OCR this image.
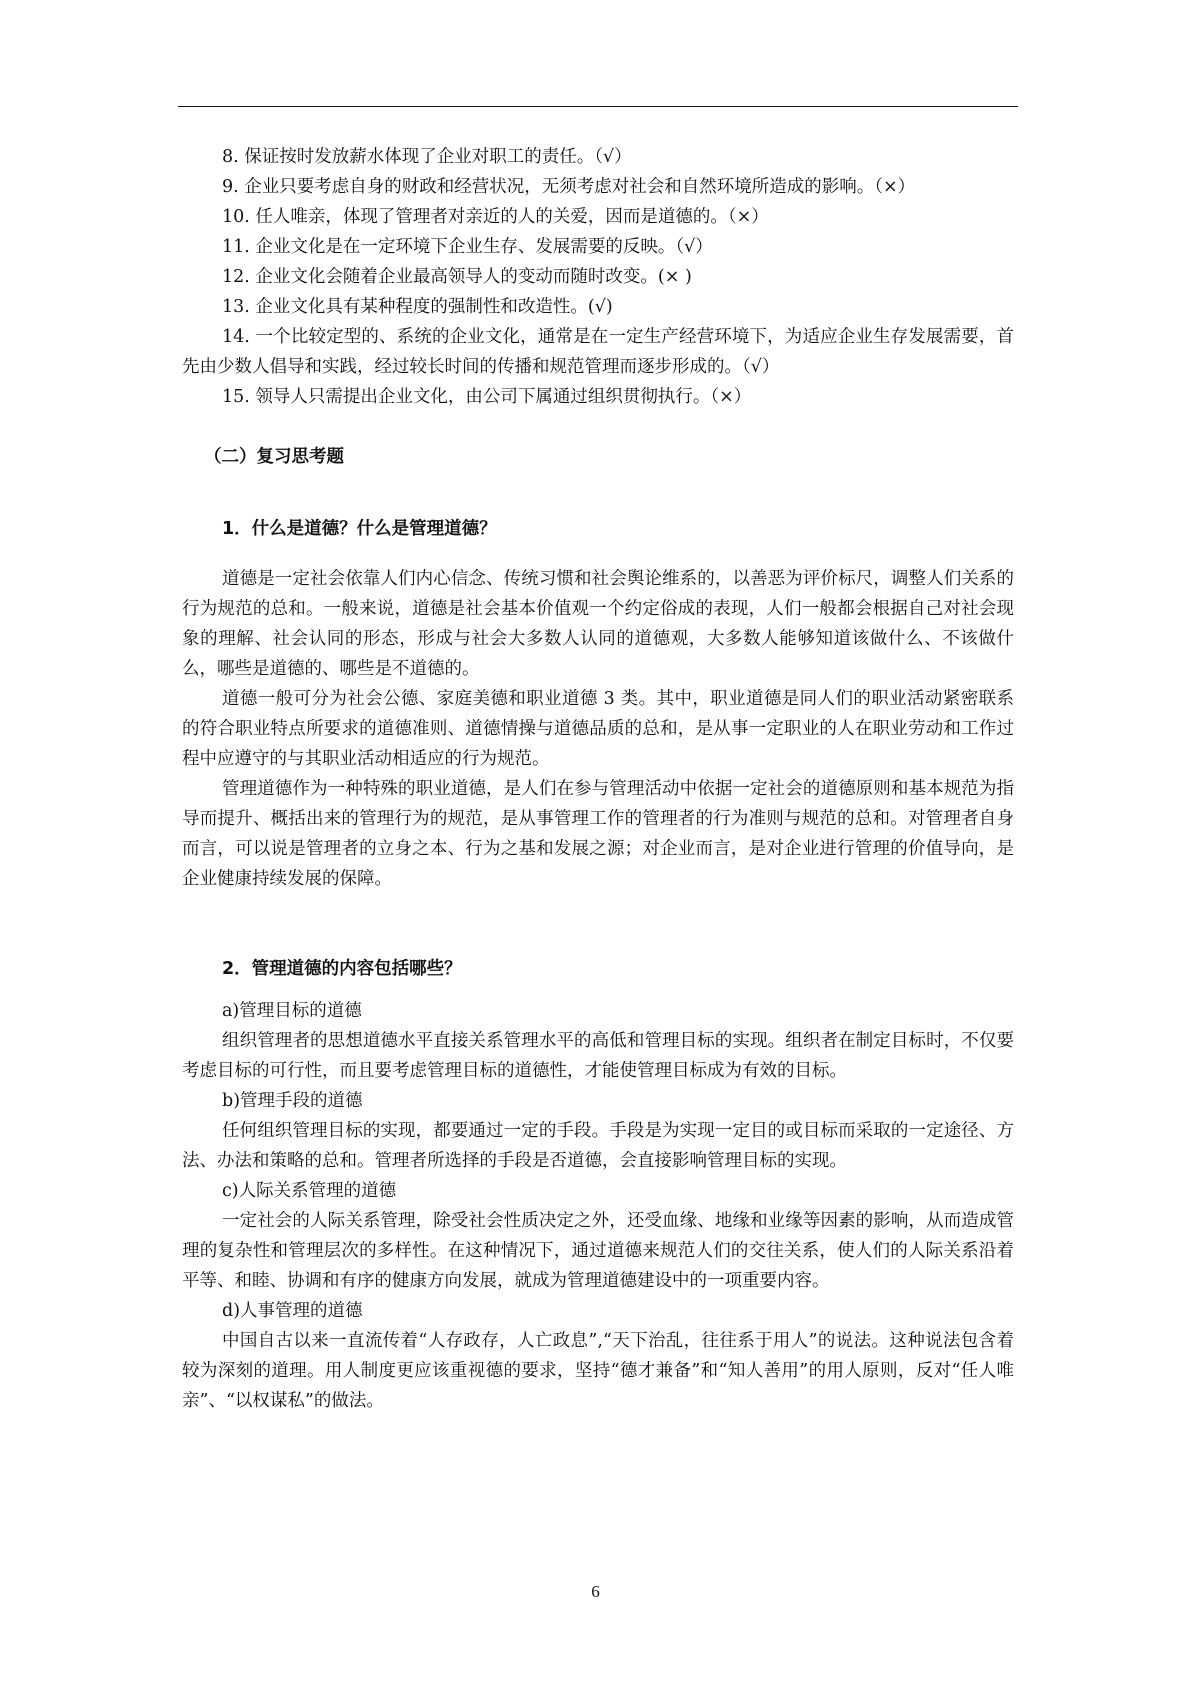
8. 保证按时发放薪水体现了企业对职工的责任。（√）

9. 企业只要考虑自身的财政和经营状况，无须考虑对社会和自然环境所造成的影响。（×）

10. 任人唯亲，体现了管理者对亲近的人的关爱，因而是道德的。（×）

11. 企业文化是在一定环境下企业生存、发展需要的反映。（√）

12. 企业文化会随着企业最高领导人的变动而随时改变。(× )

13. 企业文化具有某种程度的强制性和改造性。(√)

14. 一个比较定型的、系统的企业文化，通常是在一定生产经营环境下，为适应企业生存发展需要，首先由少数人倡导和实践，经过较长时间的传播和规范管理而逐步形成的。（√）

15. 领导人只需提出企业文化，由公司下属通过组织贯彻执行。（×）

（二）复习思考题

1．什么是道德？什么是管理道德？

道德是一定社会依靠人们内心信念、传统习惯和社会舆论维系的，以善恶为评价标尺，调整人们关系的行为规范的总和。一般来说，道德是社会基本价值观一个约定俗成的表现，人们一般都会根据自己对社会现象的理解、社会认同的形态，形成与社会大多数人认同的道德观，大多数人能够知道该做什么、不该做什么，哪些是道德的、哪些是不道德的。

道德一般可分为社会公德、家庭美德和职业道德 3 类。其中，职业道德是同人们的职业活动紧密联系的符合职业特点所要求的道德准则、道德情操与道德品质的总和，是从事一定职业的人在职业劳动和工作过程中应遵守的与其职业活动相适应的行为规范。

管理道德作为一种特殊的职业道德，是人们在参与管理活动中依据一定社会的道德原则和基本规范为指导而提升、概括出来的管理行为的规范，是从事管理工作的管理者的行为准则与规范的总和。对管理者自身而言，可以说是管理者的立身之本、行为之基和发展之源；对企业而言，是对企业进行管理的价值导向，是企业健康持续发展的保障。

2．管理道德的内容包括哪些？

a)管理目标的道德

组织管理者的思想道德水平直接关系管理水平的高低和管理目标的实现。组织者在制定目标时，不仅要考虑目标的可行性，而且要考虑管理目标的道德性，才能使管理目标成为有效的目标。

b)管理手段的道德

任何组织管理目标的实现，都要通过一定的手段。手段是为实现一定目的或目标而采取的一定途径、方法、办法和策略的总和。管理者所选择的手段是否道德，会直接影响管理目标的实现。

c)人际关系管理的道德

一定社会的人际关系管理，除受社会性质决定之外，还受血缘、地缘和业缘等因素的影响，从而造成管理的复杂性和管理层次的多样性。在这种情况下，通过道德来规范人们的交往关系，使人们的人际关系沿着平等、和睦、协调和有序的健康方向发展，就成为管理道德建设中的一项重要内容。

d)人事管理的道德

中国自古以来一直流传着“人存政存，人亡政息”,“天下治乱，往往系于用人”的说法。这种说法包含着较为深刻的道理。用人制度更应该重视德的要求，坚持“德才兼备”和“知人善用”的用人原则，反对“任人唯亲”、“以权谋私”的做法。

6
